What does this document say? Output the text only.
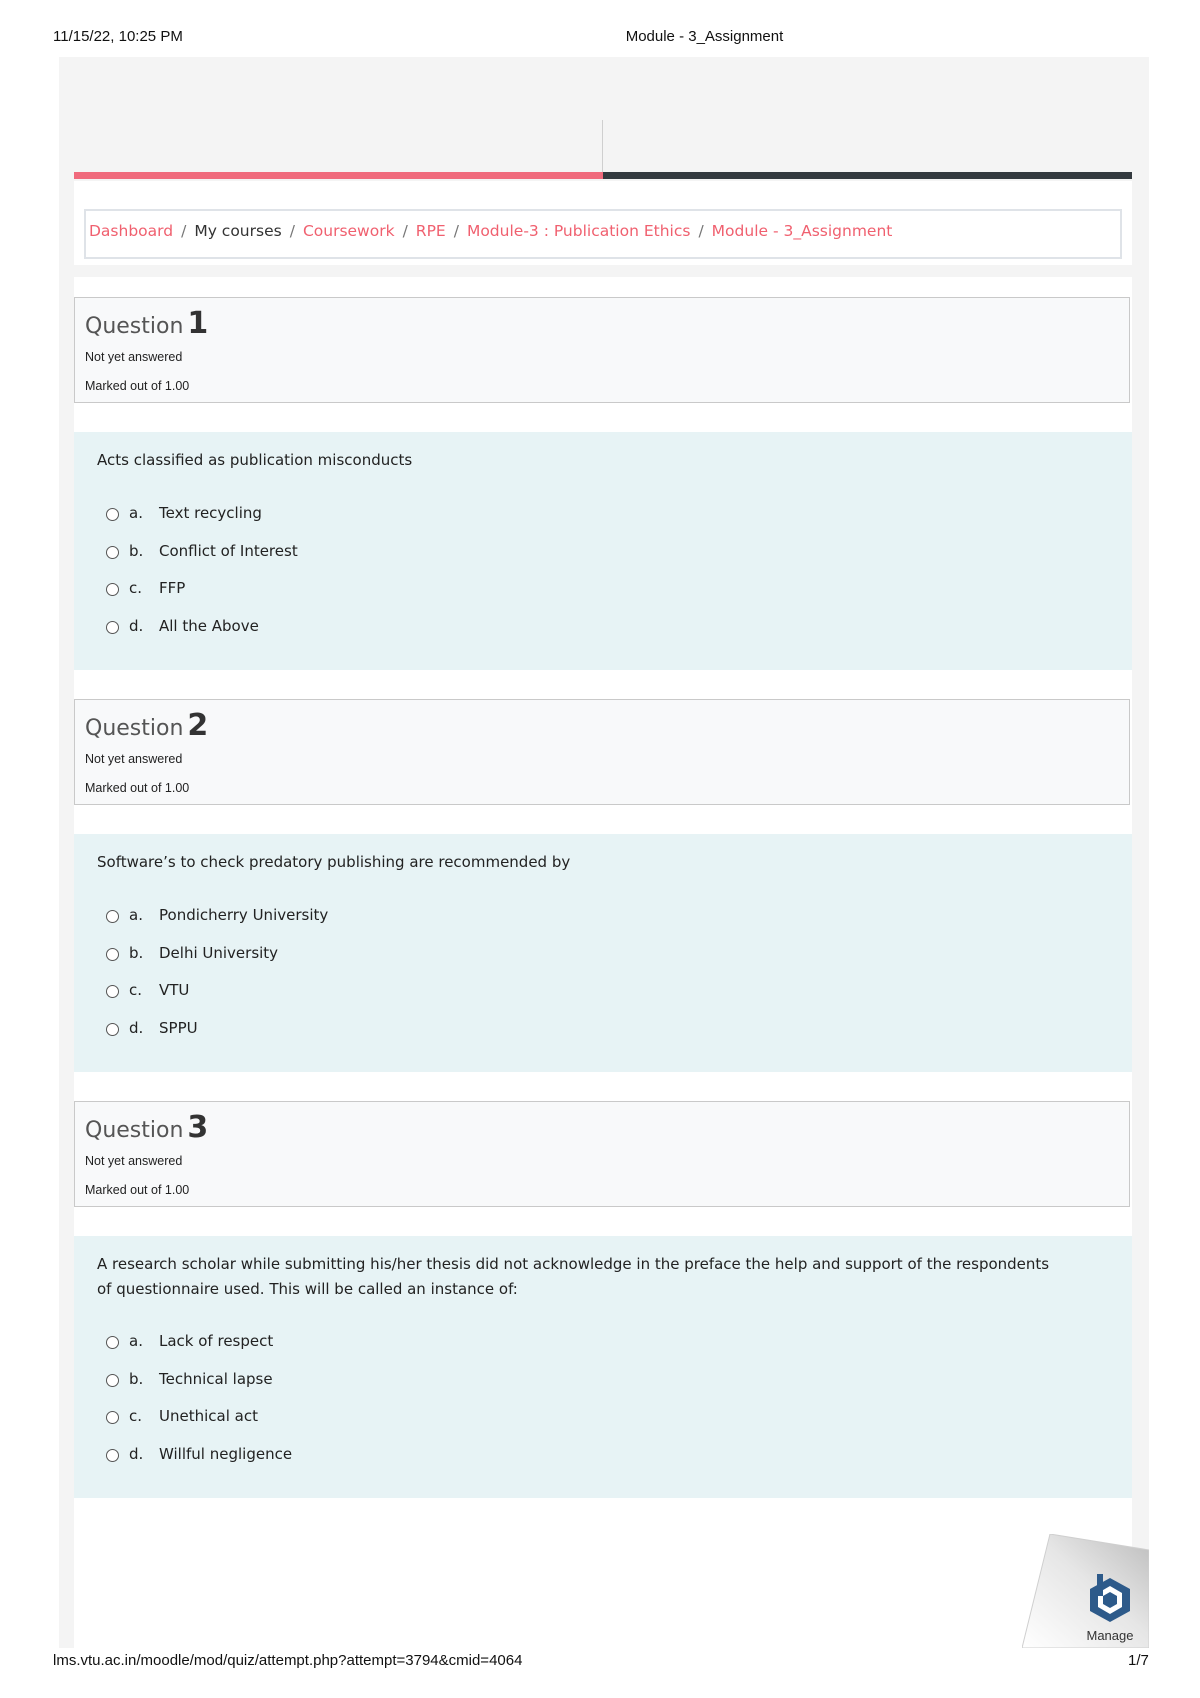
11/15/22, 10:25 PM	Module - 3_Assignment
Dashboard / My courses / Coursework / RPE / Module-3 : Publication Ethics / Module - 3_Assignment
Question 1
Not yet answered
Marked out of 1.00
Acts classified as publication misconducts
a.	Text recycling
b.	Conflict of Interest
c.	FFP
d.	All the Above
Question 2
Not yet answered
Marked out of 1.00
Software’s to check predatory publishing are recommended by
a.	Pondicherry University
b.	Delhi University
c.	VTU
d.	SPPU
Question 3
Not yet answered
Marked out of 1.00
A research scholar while submitting his/her thesis did not acknowledge in the preface the help and support of the respondents of questionnaire used. This will be called an instance of:
a.	Lack of respect
b.	Technical lapse
c.	Unethical act
d.	Willful negligence
Manage
lms.vtu.ac.in/moodle/mod/quiz/attempt.php?attempt=3794&cmid=4064	1/7
